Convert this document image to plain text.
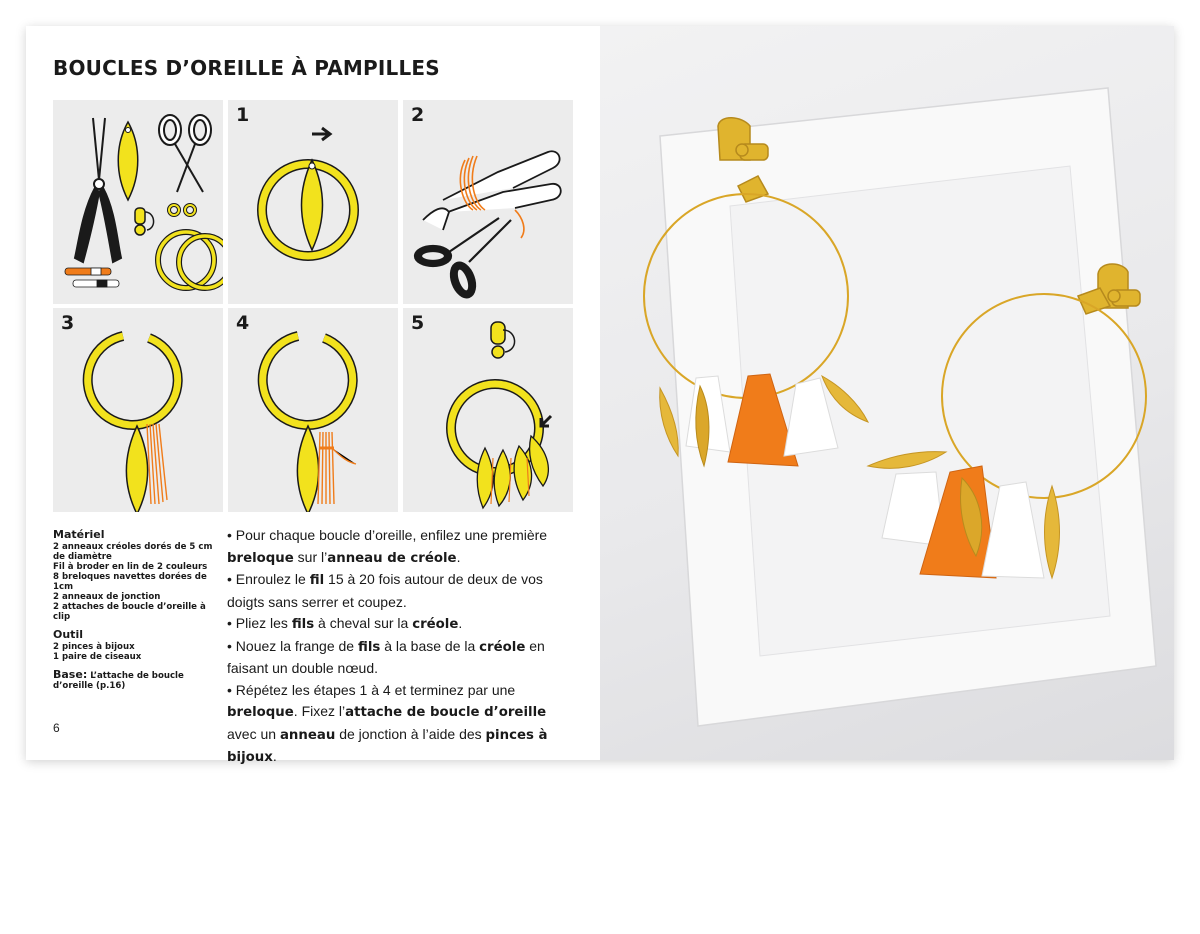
BOUCLES D’OREILLE À PAMPILLES
1	2
3	4	5
Matériel
2 anneaux créoles dorés de 5 cm de diamètre
Fil à broder en lin de 2 couleurs
8 breloques navettes dorées de 1cm
2 anneaux de jonction
2 attaches de boucle d’oreille à clip
Outil
2 pinces à bijoux
1 paire de ciseaux
Base: L’attache de boucle d’oreille (p.16)
6

• Pour chaque boucle d’oreille, enfilez une première breloque sur l’anneau de créole.

• Enroulez le fil 15 à 20 fois autour de deux de vos doigts sans serrer et coupez.

• Pliez les fils à cheval sur la créole.

• Nouez la frange de fils à la base de la créole en faisant un double nœud.

• Répétez les étapes 1 à 4 et terminez par une breloque. Fixez l’attache de boucle d’oreille avec un anneau de jonction à l’aide des pinces à bijoux.
